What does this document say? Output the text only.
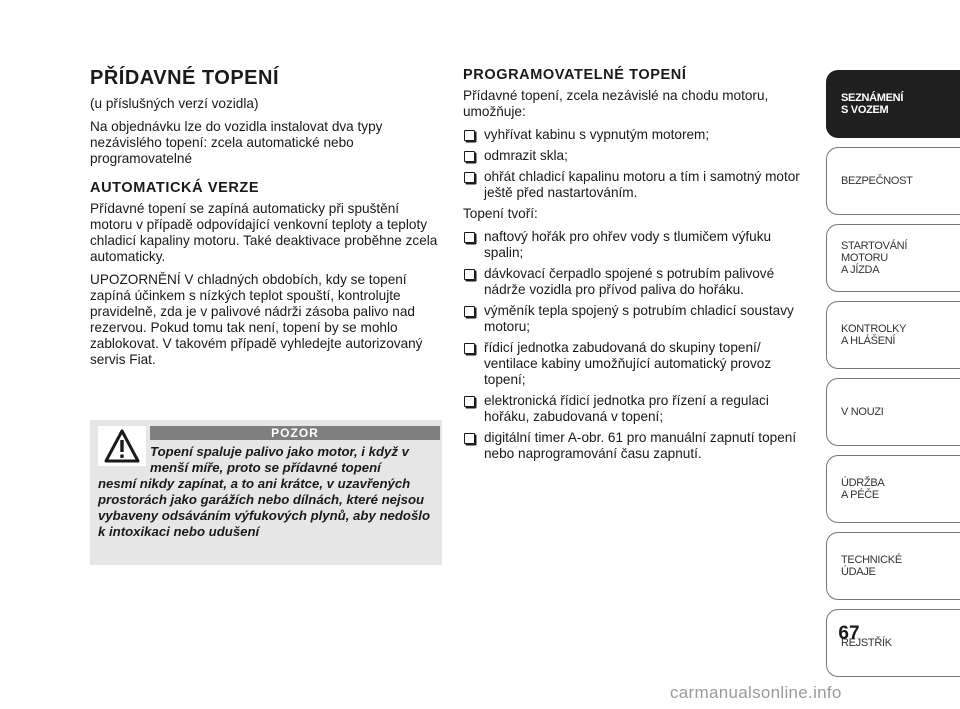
PŘÍDAVNÉ TOPENÍ

(u příslušných verzí vozidla)

Na objednávku lze do vozidla instalovat dva typy nezávislého topení: zcela automatické nebo programovatelné

AUTOMATICKÁ VERZE

Přídavné topení se zapíná automaticky při spuštění motoru v případě odpovídající venkovní teploty a teploty chladicí kapaliny motoru. Také deaktivace proběhne zcela automaticky.

UPOZORNĚNÍ V chladných obdobích, kdy se topení zapíná účinkem s nízkých teplot spouští, kontrolujte pravidelně, zda je v palivové nádrži zásoba palivo nad rezervou. Pokud tomu tak není, topení by se mohlo zablokovat. V takovém případě vyhledejte autorizovaný servis Fiat.

POZOR
Topení spaluje palivo jako motor, i když v menší míře, proto se přídavné topení
nesmí nikdy zapínat, a to ani krátce, v uzavřených prostorách jako garážích nebo dílnách, které nejsou vybaveny odsáváním výfukových plynů, aby nedošlo k intoxikaci nebo udušení
PROGRAMOVATELNÉ TOPENÍ

Přídavné topení, zcela nezávislé na chodu motoru, umožňuje:

vyhřívat kabinu s vypnutým motorem;
odmrazit skla;
ohřát chladicí kapalinu motoru a tím i samotný motor ještě před nastartováním.

Topení tvoří:

naftový hořák pro ohřev vody s tlumičem výfuku spalin;
dávkovací čerpadlo spojené s potrubím palivové nádrže vozidla pro přívod paliva do hořáku.
výměník tepla spojený s potrubím chladicí soustavy motoru;
řídicí jednotka zabudovaná do skupiny topení/ ventilace kabiny umožňující automatický provoz topení;
elektronická řídicí jednotka pro řízení a regulaci hořáku, zabudovaná v topení;
digitální timer A-obr. 61 pro manuální zapnutí topení nebo naprogramování času zapnutí.
SEZNÁMENÍ
S VOZEM
BEZPEČNOST
STARTOVÁNÍ
MOTORU
A JÍZDA
KONTROLKY
A HLÁŠENÍ
V NOUZI
ÚDRŽBA
A PÉČE
TECHNICKÉ
ÚDAJE
REJSTŘÍK
67
carmanualsonline.info
